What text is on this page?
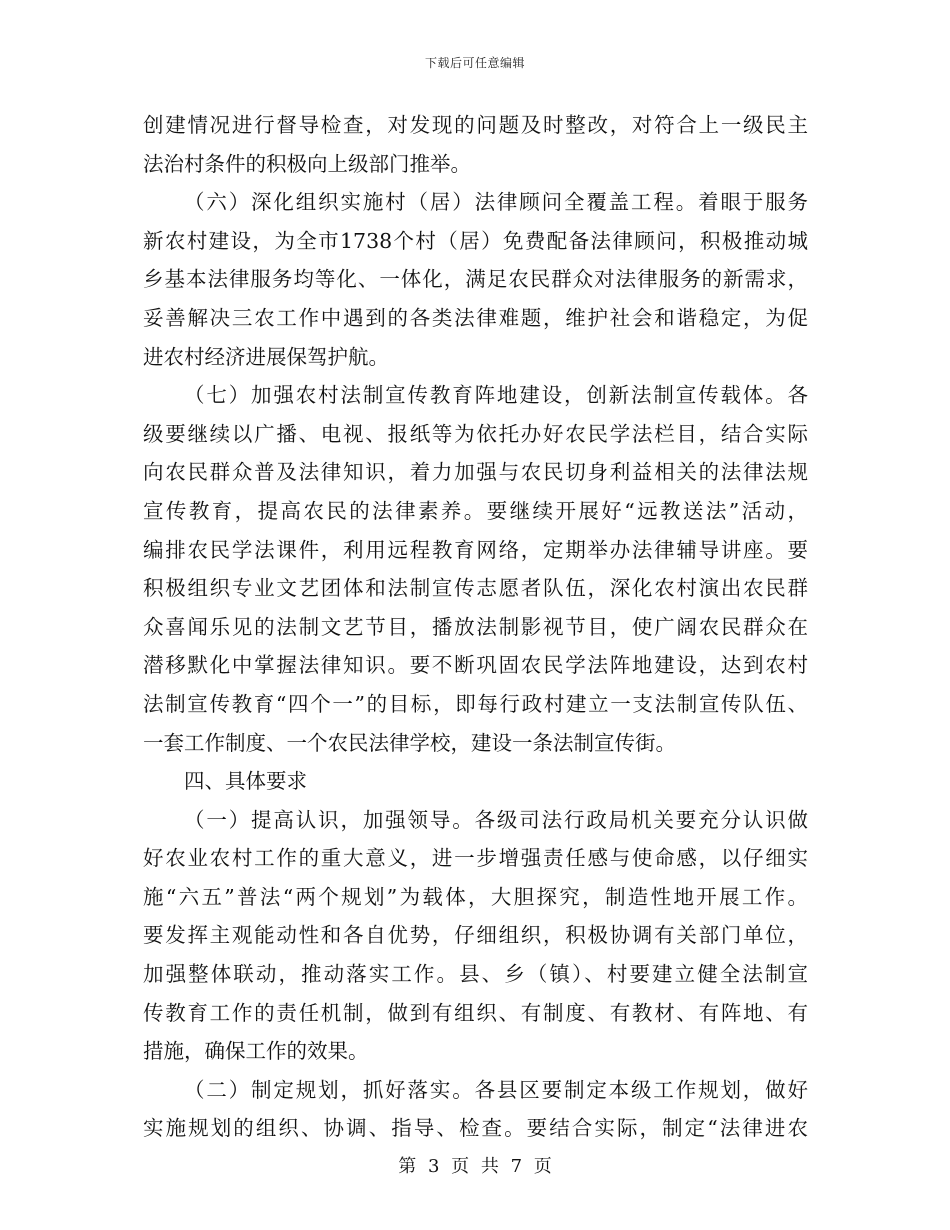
下载后可任意编辑
创建情况进行督导检查，对发现的问题及时整改，对符合上一级民主
法治村条件的积极向上级部门推举。
（六）深化组织实施村（居）法律顾问全覆盖工程。着眼于服务
新农村建设，为全市1738个村（居）免费配备法律顾问，积极推动城
乡基本法律服务均等化、一体化，满足农民群众对法律服务的新需求，
妥善解决三农工作中遇到的各类法律难题，维护社会和谐稳定，为促
进农村经济进展保驾护航。
（七）加强农村法制宣传教育阵地建设，创新法制宣传载体。各
级要继续以广播、电视、报纸等为依托办好农民学法栏目，结合实际
向农民群众普及法律知识，着力加强与农民切身利益相关的法律法规
宣传教育，提高农民的法律素养。要继续开展好“远教送法”活动，
编排农民学法课件，利用远程教育网络，定期举办法律辅导讲座。要
积极组织专业文艺团体和法制宣传志愿者队伍，深化农村演出农民群
众喜闻乐见的法制文艺节目，播放法制影视节目，使广阔农民群众在
潜移默化中掌握法律知识。要不断巩固农民学法阵地建设，达到农村
法制宣传教育“四个一”的目标，即每行政村建立一支法制宣传队伍、
一套工作制度、一个农民法律学校，建设一条法制宣传街。
四、具体要求
（一）提高认识，加强领导。各级司法行政局机关要充分认识做
好农业农村工作的重大意义，进一步增强责任感与使命感，以仔细实
施“六五”普法“两个规划”为载体，大胆探究，制造性地开展工作。
要发挥主观能动性和各自优势，仔细组织，积极协调有关部门单位，
加强整体联动，推动落实工作。县、乡（镇）、村要建立健全法制宣
传教育工作的责任机制，做到有组织、有制度、有教材、有阵地、有
措施，确保工作的效果。
（二）制定规划，抓好落实。各县区要制定本级工作规划，做好
实施规划的组织、协调、指导、检查。要结合实际，制定“法律进农
第 3 页 共 7 页
